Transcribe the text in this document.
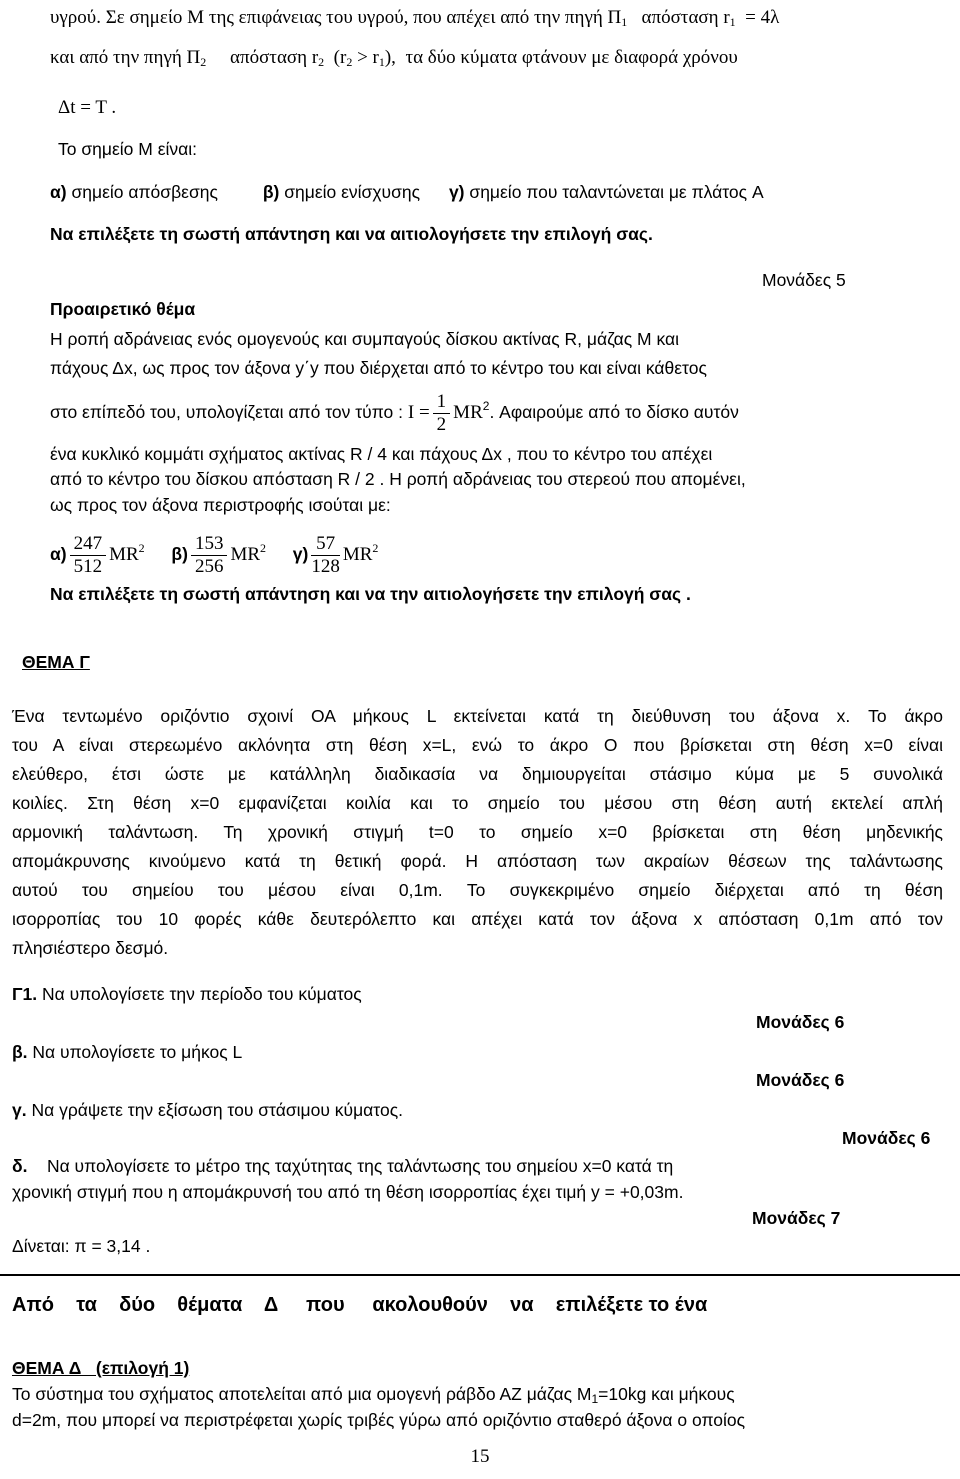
υγρού. Σε σημείο Μ της επιφάνειας του υγρού, που απέχει από την πηγή $\Pi_1$ απόσταση $r_1 = 4\lambda$
και από την πηγή $\Pi_2$ απόσταση $r_2$ $(r_2 > r_1)$, τα δύο κύματα φτάνουν με διαφορά χρόνου
Δt = T .
Το σημείο Μ είναι:
α) σημείο απόσβεσης	β) σημείο ενίσχυσης γ) σημείο που ταλαντώνεται με πλάτος A
Να επιλέξετε τη σωστή απάντηση και να αιτιολογήσετε την επιλογή σας.
Μονάδες 5
Προαιρετικό θέμα
Η ροπή αδράνειας ενός ομογενούς και συμπαγούς δίσκου ακτίνας R, μάζας M και
πάχους Δx, ως προς τον άξονα y΄y που διέρχεται από το κέντρο του και είναι κάθετος
στο επίπεδό του, υπολογίζεται από τον τύπο : $I = \frac{1}{2} MR^2$. Αφαιρούμε από το δίσκο αυτόν
ένα κυκλικό κομμάτι σχήματος ακτίνας R / 4 και πάχους Δx , που το κέντρο του απέχει
από το κέντρο του δίσκου απόσταση R / 2 . Η ροπή αδράνειας του στερεού που απομένει,
ως προς τον άξονα περιστροφής ισούται με:
$\alpha) \frac{247}{512} MR^2$ $\beta) \frac{153}{256} MR^2$ $\gamma) \frac{57}{128} MR^2$
Να επιλέξετε τη σωστή απάντηση και να την αιτιολογήσετε την επιλογή σας .
ΘΕΜΑ Γ
Ένα τεντωμένο οριζόντιο σχοινί ΟΑ μήκους L εκτείνεται κατά τη διεύθυνση του άξονα x. Το άκρο
του Α είναι στερεωμένο ακλόνητα στη θέση x=L, ενώ το άκρο Ο που βρίσκεται στη θέση x=0 είναι
ελεύθερο, έτσι ώστε με κατάλληλη διαδικασία να δημιουργείται στάσιμο κύμα με 5 συνολικά
κοιλίες. Στη θέση x=0 εμφανίζεται κοιλία και το σημείο του μέσου στη θέση αυτή εκτελεί απλή
αρμονική ταλάντωση. Τη χρονική στιγμή t=0 το σημείο x=0 βρίσκεται στη θέση μηδενικής
απομάκρυνσης κινούμενο κατά τη θετική φορά. Η απόσταση των ακραίων θέσεων της ταλάντωσης
αυτού του σημείου του μέσου είναι 0,1m. Το συγκεκριμένο σημείο διέρχεται από τη θέση
ισορροπίας του 10 φορές κάθε δευτερόλεπτο και απέχει κατά τον άξονα x απόσταση 0,1m από τον
πλησιέστερο δεσμό.
Γ1. Να υπολογίσετε την περίοδο του κύματος
Μονάδες 6
β. Να υπολογίσετε το μήκος L
Μονάδες 6
γ. Να γράψετε την εξίσωση του στάσιμου κύματος.
Μονάδες 6
δ. Να υπολογίσετε το μέτρο της ταχύτητας της ταλάντωσης του σημείου x=0 κατά τη
χρονική στιγμή που η απομάκρυνσή του από τη θέση ισορροπίας έχει τιμή y = +0,03m.
Μονάδες 7
Δίνεται: π = 3,14 .
Από    τα    δύο    θέματα    Δ     που     ακολουθούν    να    επιλέξετε το ένα
ΘΕΜΑ Δ   (επιλογή 1)
Το σύστημα του σχήματος αποτελείται από μια ομογενή ράβδο ΑΖ μάζας $M_1=10kg$ και μήκους
d=2m, που μπορεί να περιστρέφεται χωρίς τριβές γύρω από οριζόντιο σταθερό άξονα ο οποίος
15
